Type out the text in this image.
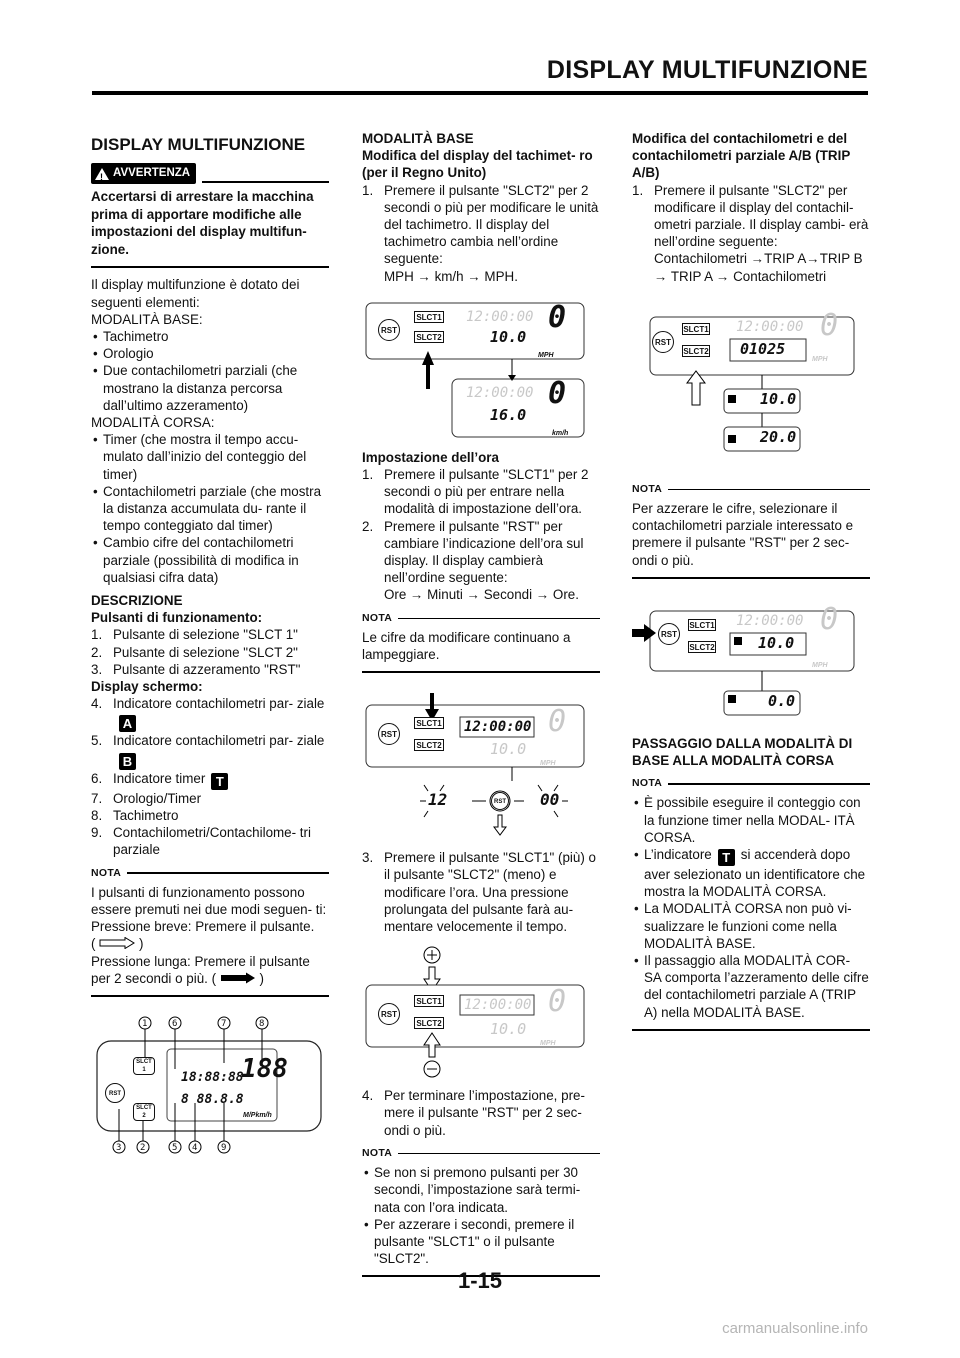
DISPLAY MULTIFUNZIONE
DISPLAY MULTIFUNZIONE
!
AVVERTENZA
Accertarsi di arrestare la macchina prima di apportare modifiche alle impostazioni del display multifun- zione.

Il display multifunzione è dotato dei seguenti elementi:

MODALITÀ BASE:

• Tachimetro
• Orologio
• Due contachilometri parziali (che mostrano la distanza percorsa dall’ultimo azzeramento)

MODALITÀ CORSA:

• Timer (che mostra il tempo accu- mulato dall’inizio del conteggio del timer)
• Contachilometri parziale (che mostra la distanza accumulata du- rante il tempo conteggiato dal timer)
• Cambio cifre del contachilometri parziale (possibilità di modifica in qualsiasi cifra data)

DESCRIZIONE

Pulsanti di funzionamento:

1. Pulsante di selezione "SLCT 1"
2. Pulsante di selezione "SLCT 2"
3. Pulsante di azzeramento "RST"

Display schermo:

4. Indicatore contachilometri par- zialeA
5. Indicatore contachilometri par- zialeB
6. Indicatore timer T
7. Orologio/Timer
8. Tachimetro
9. Contachilometri/Contachilome- tri parziale
NOTA

I pulsanti di funzionamento possono essere premuti nei due modi seguen- ti:

Pressione breve: Premere il pulsante.

(	)

Pressione lunga: Premere il pulsante per 2 secondi o più. (	)

1	6	7	8
3 2	5 4	9
SLCT 1
SLCT 2
RST
18:88:88
8 88.8.8
188
M/Pkm/h

MODALITÀ BASE

Modifica del display del tachimet- ro (per il Regno Unito)

1. Premere il pulsante "SLCT2" per 2 secondi o più per modificare le unità del tachimetro. Il display del tachimetro cambia nell’ordine seguente:

MPH → km/h → MPH.

SLCT1
SLCT2
RST
12:00:00
10.0
0
MPH
12:00:00
16.0
0
km/h

Impostazione dell’ora

1. Premere il pulsante "SLCT1" per 2 secondi o più per entrare nella modalità di impostazione dell’ora.
2. Premere il pulsante "RST" per cambiare l’indicazione dell’ora sul display. Il display cambierà nell’ordine seguente:

Ore → Minuti → Secondi → Ore.

NOTA

Le cifre da modificare continuano a lampeggiare.

SLCT1
SLCT2
RST	12:00:00
10.0
0
MPH
12	00
RST
3. Premere il pulsante "SLCT1" (più) o il pulsante "SLCT2" (meno) e modificare l’ora. Una pressione prolungata del pulsante farà au- mentare velocemente il tempo.
SLCT1
SLCT2
RST
12:00:00
10.0
0
MPH
4. Per terminare l’impostazione, pre- mere il pulsante "RST" per 2 sec- ondi o più.
NOTA
• Se non si premono pulsanti per 30 secondi, l’impostazione sarà termi- nata con l’ora indicata.
• Per azzerare i secondi, premere il pulsante "SLCT1" o il pulsante "SLCT2".

Modifica del contachilometri e del contachilometri parziale A/B (TRIP A/B)

1. Premere il pulsante "SLCT2" per modificare il display del contachil- ometri parziale. Il display cambi- erà nell’ordine seguente:

Contachilometri →TRIP A→TRIP B → TRIP A → Contachilometri

SLCT1
SLCT2
RST
12:00:00
01025
0
MPH
10.0
20.0
NOTA

Per azzerare le cifre, selezionare il contachilometri parziale interessato e premere il pulsante "RST" per 2 sec- ondi o più.

SLCT1
SLCT2
RST
12:00:00
10.0
0
MPH
0.0

PASSAGGIO DALLA MODALITÀ DI BASE ALLA MODALITÀ CORSA

NOTA
• È possibile eseguire il conteggio con la funzione timer nella MODAL- ITÀ CORSA.
• L’indicatore T si accenderà dopo aver selezionato un identificatore che mostra la MODALITÀ CORSA.
• La MODALITÀ CORSA non può vi- sualizzare le funzioni come nella MODALITÀ BASE.
• Il passaggio alla MODALITÀ COR- SA comporta l’azzeramento delle cifre del contachilometri parziale A (TRIP A) nella MODALITÀ BASE.
1-15
carmanualsonline.info
